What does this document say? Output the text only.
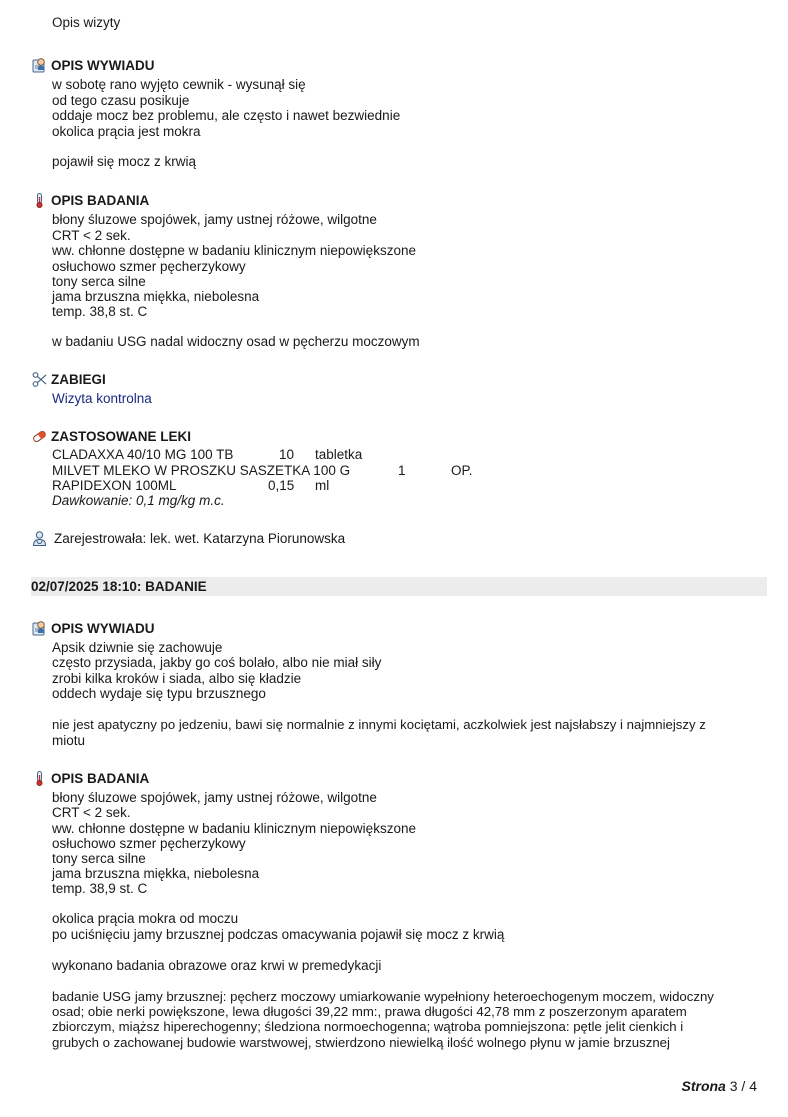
Opis wizyty
OPIS WYWIADU
w sobotę rano wyjęto cewnik - wysunął się
od tego czasu posikuje
oddaje mocz bez problemu, ale często i nawet bezwiednie
okolica prącia jest mokra
pojawił się mocz z krwią
OPIS BADANIA
błony śluzowe spojówek, jamy ustnej różowe, wilgotne
CRT < 2 sek.
ww. chłonne dostępne w badaniu klinicznym niepowiększone
osłuchowo szmer pęcherzykowy
tony serca silne
jama brzuszna miękka, niebolesna
temp. 38,8 st. C
w badaniu USG nadal widoczny osad w pęcherzu moczowym
ZABIEGI
Wizyta kontrolna
ZASTOSOWANE LEKI
CLADAXXA 40/10 MG 100 TB	10 tabletka
MILVET MLEKO W PROSZKU SASZETKA 100 G	1	OP.
RAPIDEXON 100ML	0,15 ml
Dawkowanie: 0,1 mg/kg m.c.
Zarejestrowała: lek. wet. Katarzyna Piorunowska
02/07/2025 18:10: BADANIE
OPIS WYWIADU
Apsik dziwnie się zachowuje
często przysiada, jakby go coś bolało, albo nie miał siły
zrobi kilka kroków i siada, albo się kładzie
oddech wydaje się typu brzusznego
nie jest apatyczny po jedzeniu, bawi się normalnie z innymi kociętami, aczkolwiek jest najsłabszy i najmniejszy z
miotu
OPIS BADANIA
błony śluzowe spojówek, jamy ustnej różowe, wilgotne
CRT < 2 sek.
ww. chłonne dostępne w badaniu klinicznym niepowiększone
osłuchowo szmer pęcherzykowy
tony serca silne
jama brzuszna miękka, niebolesna
temp. 38,9 st. C
okolica prącia mokra od moczu
po uciśnięciu jamy brzusznej podczas omacywania pojawił się mocz z krwią
wykonano badania obrazowe oraz krwi w premedykacji
badanie USG jamy brzusznej: pęcherz moczowy umiarkowanie wypełniony heteroechogenym moczem, widoczny
osad; obie nerki powiększone, lewa długości 39,22 mm:, prawa długości 42,78 mm z poszerzonym aparatem
zbiorczym, miąższ hiperechogenny; śledziona normoechogenna; wątroba pomniejszona: pętle jelit cienkich i
grubych o zachowanej budowie warstwowej, stwierdzono niewielką ilość wolnego płynu w jamie brzusznej
Strona 3 / 4
